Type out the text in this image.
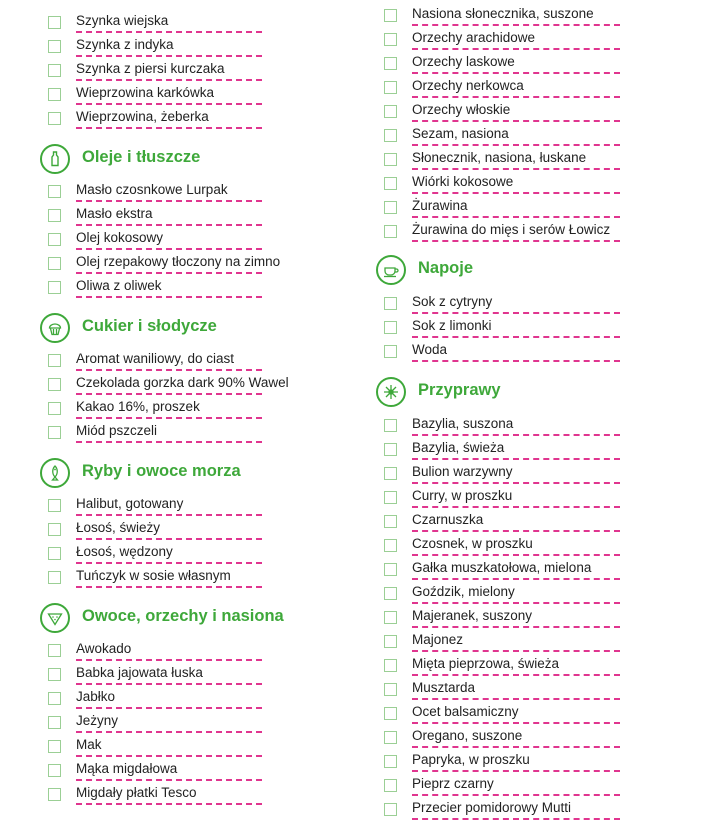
Szynka wiejska
Szynka z indyka
Szynka z piersi kurczaka
Wieprzowina karkówka
Wieprzowina, żeberka
Oleje i tłuszcze
Masło czosnkowe Lurpak
Masło ekstra
Olej kokosowy
Olej rzepakowy tłoczony na zimno
Oliwa z oliwek
Cukier i słodycze
Aromat waniliowy, do ciast
Czekolada gorzka dark 90% Wawel
Kakao 16%, proszek
Miód pszczeli
Ryby i owoce morza
Halibut, gotowany
Łosoś, świeży
Łosoś, wędzony
Tuńczyk w sosie własnym
Owoce, orzechy i nasiona
Awokado
Babka jajowata łuska
Jabłko
Jeżyny
Mak
Mąka migdałowa
Migdały płatki Tesco
Nasiona słonecznika, suszone
Orzechy arachidowe
Orzechy laskowe
Orzechy nerkowca
Orzechy włoskie
Sezam, nasiona
Słonecznik, nasiona, łuskane
Wiórki kokosowe
Żurawina
Żurawina do mięs i serów Łowicz
Napoje
Sok z cytryny
Sok z limonki
Woda
Przyprawy
Bazylia, suszona
Bazylia, świeża
Bulion warzywny
Curry, w proszku
Czarnuszka
Czosnek, w proszku
Gałka muszkatołowa, mielona
Goździk, mielony
Majeranek, suszony
Majonez
Mięta pieprzowa, świeża
Musztarda
Ocet balsamiczny
Oregano, suszone
Papryka, w proszku
Pieprz czarny
Przecier pomidorowy Mutti
